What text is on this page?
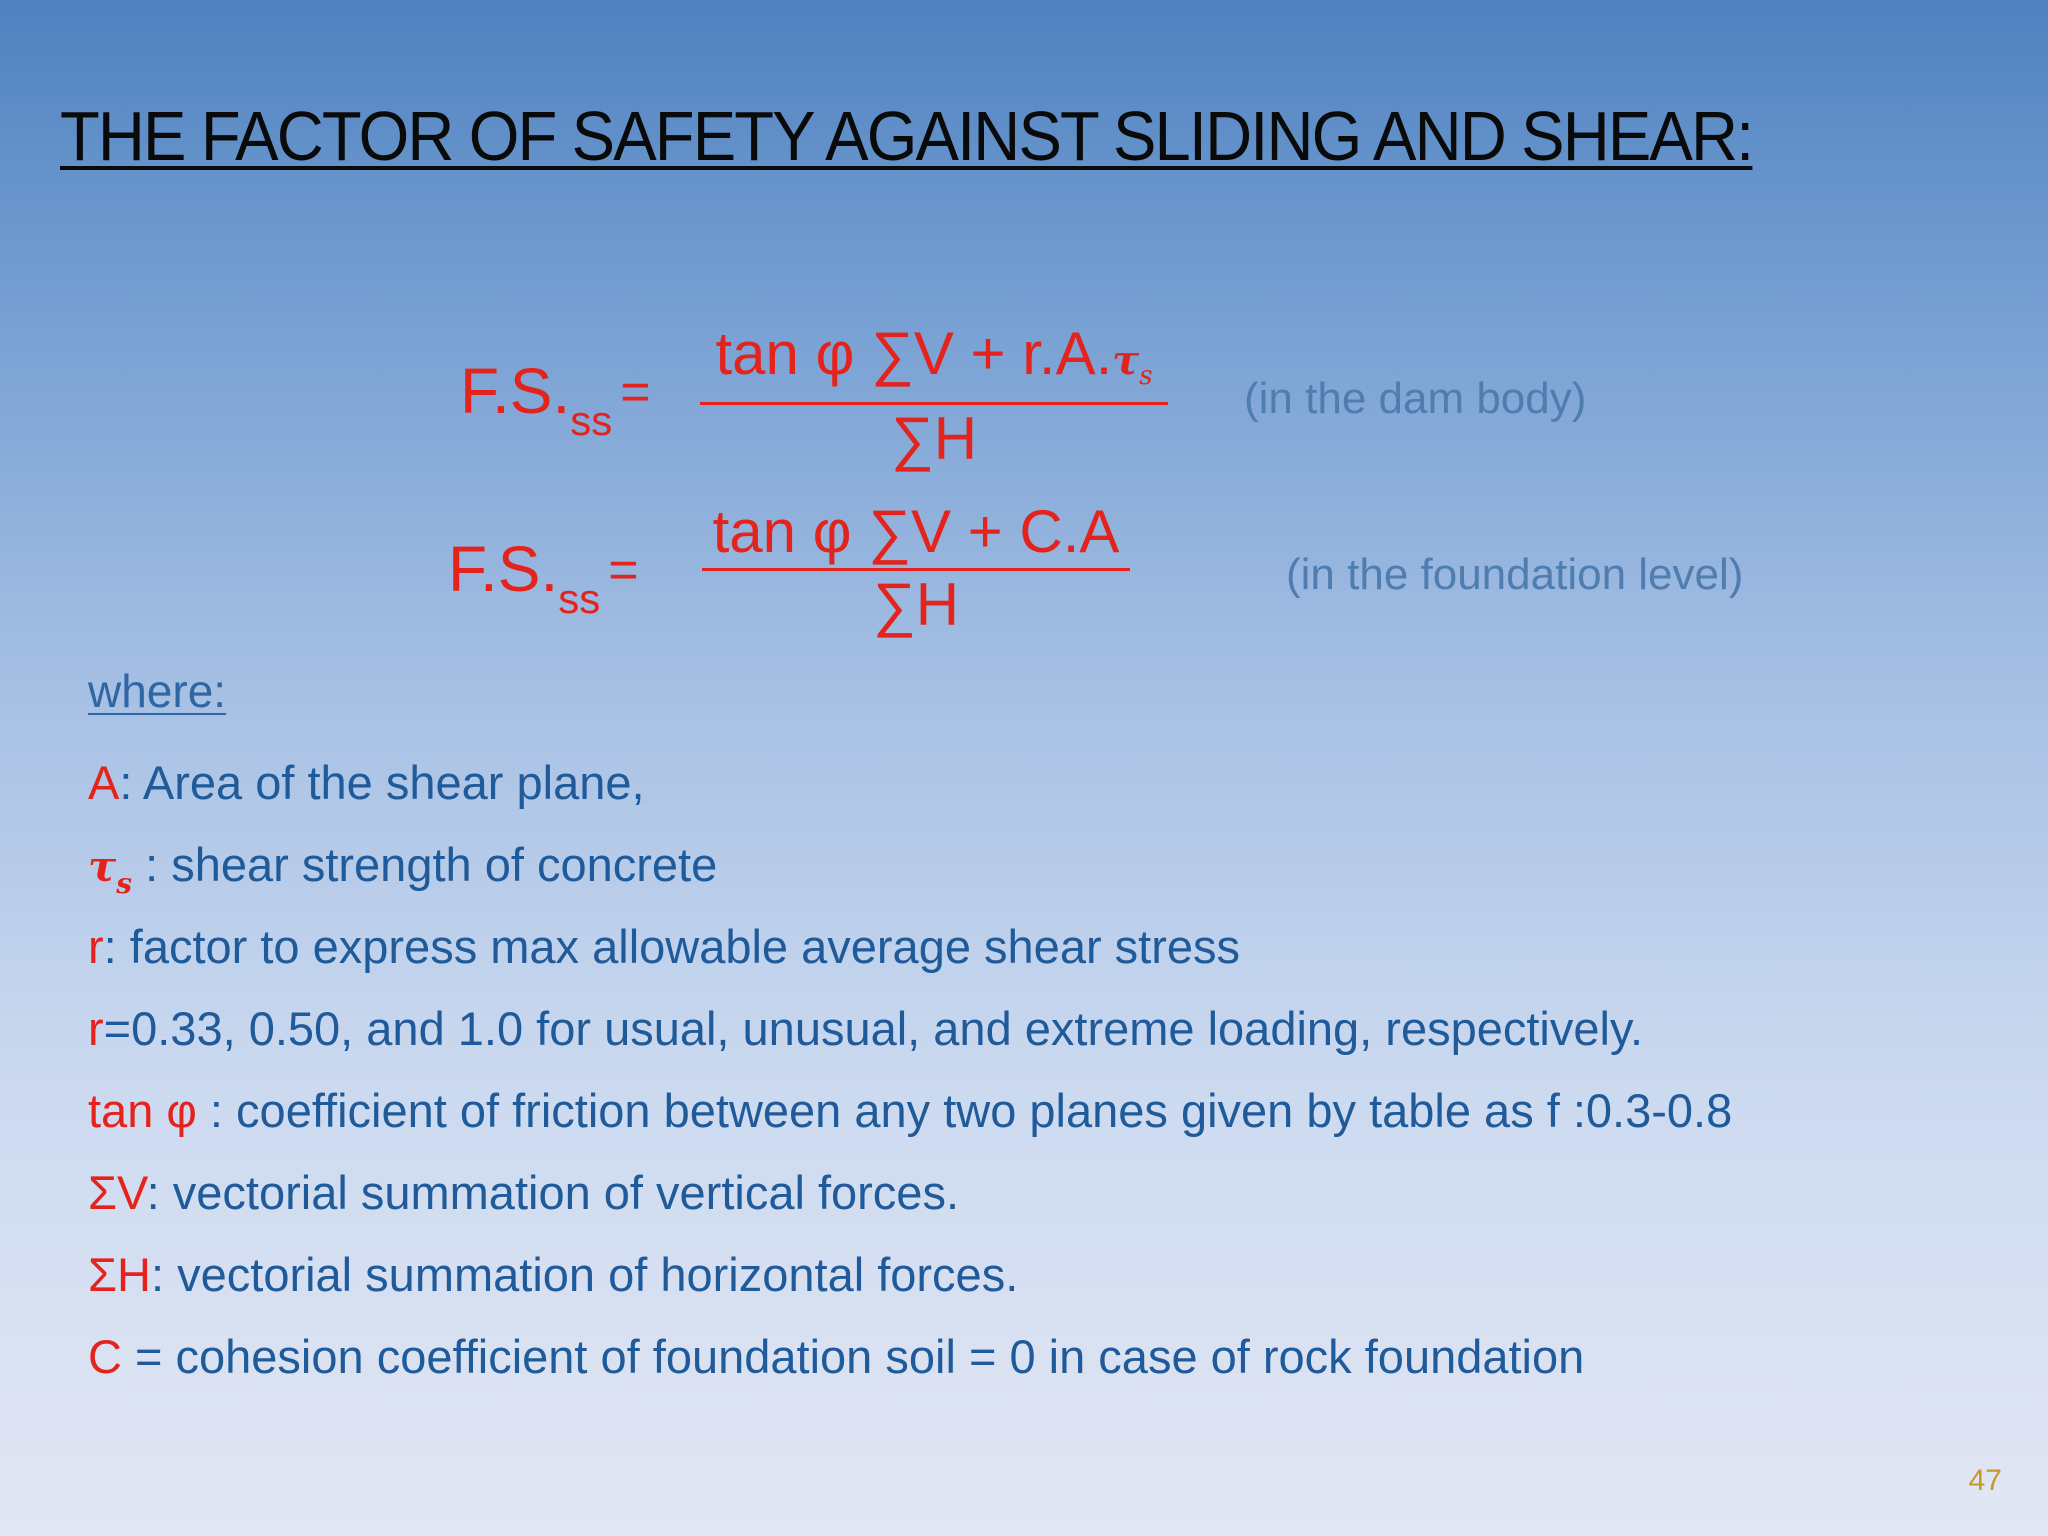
THE FACTOR OF SAFETY AGAINST SLIDING AND SHEAR:
$F.S._{ss}$ =
tan φ ∑V + r.A.τs
∑H
(in the dam body)
$F.S._{ss}$ =
tan φ ∑V + C.A
∑H	(in the foundation level)
where:
A: Area of the shear plane,
$\tau_s$ : shear strength of concrete
r: factor to express max allowable average shear stress
r=0.33, 0.50, and 1.0 for usual, unusual, and extreme loading, respectively.
tan φ : coefficient of friction between any two planes given by table as f :0.3-0.8
ΣV: vectorial summation of vertical forces.
ΣH: vectorial summation of horizontal forces.
C = cohesion coefficient of foundation soil = 0 in case of rock foundation
47
